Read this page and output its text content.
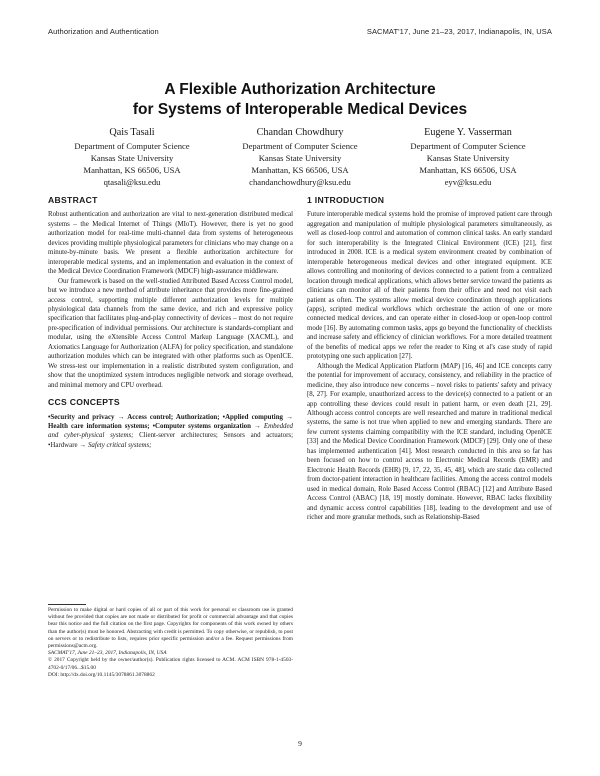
Authorization and Authentication	SACMAT'17, June 21–23, 2017, Indianapolis, IN, USA
A Flexible Authorization Architecture
for Systems of Interoperable Medical Devices
Qais Tasali
Department of Computer Science
Kansas State University
Manhattan, KS 66506, USA
qtasali@ksu.edu
Chandan Chowdhury
Department of Computer Science
Kansas State University
Manhattan, KS 66506, USA
chandanchowdhury@ksu.edu
Eugene Y. Vasserman
Department of Computer Science
Kansas State University
Manhattan, KS 66506, USA
eyv@ksu.edu
ABSTRACT

Robust authentication and authorization are vital to next-generation distributed medical systems – the Medical Internet of Things (MIoT). However, there is yet no good authorization model for real-time multi-channel data from systems of heterogeneous devices providing multiple physiological parameters for clinicians who may change on a minute-by-minute basis. We present a flexible authorization architecture for interoperable medical systems, and an implementation and evaluation in the context of the Medical Device Coordination Framework (MDCF) high-assurance middleware.

Our framework is based on the well-studied Attributed Based Access Control model, but we introduce a new method of attribute inheritance that provides more fine-grained access control, supporting multiple different authorization levels for multiple physiological data channels from the same device, and rich and expressive policy specification that facilitates plug-and-play connectivity of devices – most do not require pre-specification of individual permissions. Our architecture is standards-compliant and modular, using the eXtensible Access Control Markup Language (XACML), and Axiomatics Language for Authorization (ALFA) for policy specification, and standalone authorization modules which can be integrated with other platforms such as OpenICE. We stress-test our implementation in a realistic distributed system configuration, and show that the unoptimized system introduces negligible network and storage overhead, and minimal memory and CPU overhead.

CCS CONCEPTS

•Security and privacy → Access control; Authorization; •Applied computing → Health care information systems; •Computer systems organization → Embedded and cyber-physical systems; Client-server architectures; Sensors and actuators; •Hardware → Safety critical systems;

Permission to make digital or hard copies of all or part of this work for personal or classroom use is granted without fee provided that copies are not made or distributed for profit or commercial advantage and that copies bear this notice and the full citation on the first page. Copyrights for components of this work owned by others than the author(s) must be honored. Abstracting with credit is permitted. To copy otherwise, or republish, to post on servers or to redistribute to lists, requires prior specific permission and/or a fee. Request permissions from permissions@acm.org.
SACMAT'17, June 21–23, 2017, Indianapolis, IN, USA
© 2017 Copyright held by the owner/author(s). Publication rights licensed to ACM. ACM ISBN 978-1-4503-4702-0/17/06...$15.00
DOI: http://dx.doi.org/10.1145/3078861.3078862
1 INTRODUCTION

Future interoperable medical systems hold the promise of improved patient care through aggregation and manipulation of multiple physiological parameters simultaneously, as well as closed-loop control and automation of common clinical tasks. An early standard for such interoperability is the Integrated Clinical Environment (ICE) [21], first introduced in 2008. ICE is a medical system environment created by combination of interoperable heterogeneous medical devices and other integrated equipment. ICE allows controlling and monitoring of devices connected to a patient from a centralized location through medical applications, which allows better service toward the patients as clinicians can monitor all of their patients from their office and need not visit each patient as often. The systems allow medical device coordination through applications (apps), scripted medical workflows which orchestrate the action of one or more connected medical devices, and can operate either in closed-loop or open-loop control mode [16]. By automating common tasks, apps go beyond the functionality of checklists and increase safety and efficiency of clinician workflows. For a more detailed treatment of the benefits of medical apps we refer the reader to King et al's case study of rapid prototyping one such application [27].

Although the Medical Application Platform (MAP) [16, 46] and ICE concepts carry the potential for improvement of accuracy, consistency, and reliability in the practice of medicine, they also introduce new concerns – novel risks to patients' safety and privacy [8, 27]. For example, unauthorized access to the device(s) connected to a patient or an app controlling these devices could result in patient harm, or even death [21, 29]. Although access control concepts are well researched and mature in traditional medical systems, the same is not true when applied to new and emerging standards. There are few current systems claiming compatibility with the ICE standard, including OpenICE [33] and the Medical Device Coordination Framework (MDCF) [29]. Only one of these has implemented authentication [41]. Most research conducted in this area so far has been focused on how to control access to Electronic Medical Records (EMR) and Electronic Health Records (EHR) [9, 17, 22, 35, 45, 48], which are static data collected from doctor-patient interaction in healthcare facilities. Among the access control models used in medical domain, Role Based Access Control (RBAC) [12] and Attribute Based Access Control (ABAC) [18, 19] mostly dominate. However, RBAC lacks flexibility and dynamic access control capabilities [18], leading to the development and use of richer and more granular methods, such as Relationship-Based

9
